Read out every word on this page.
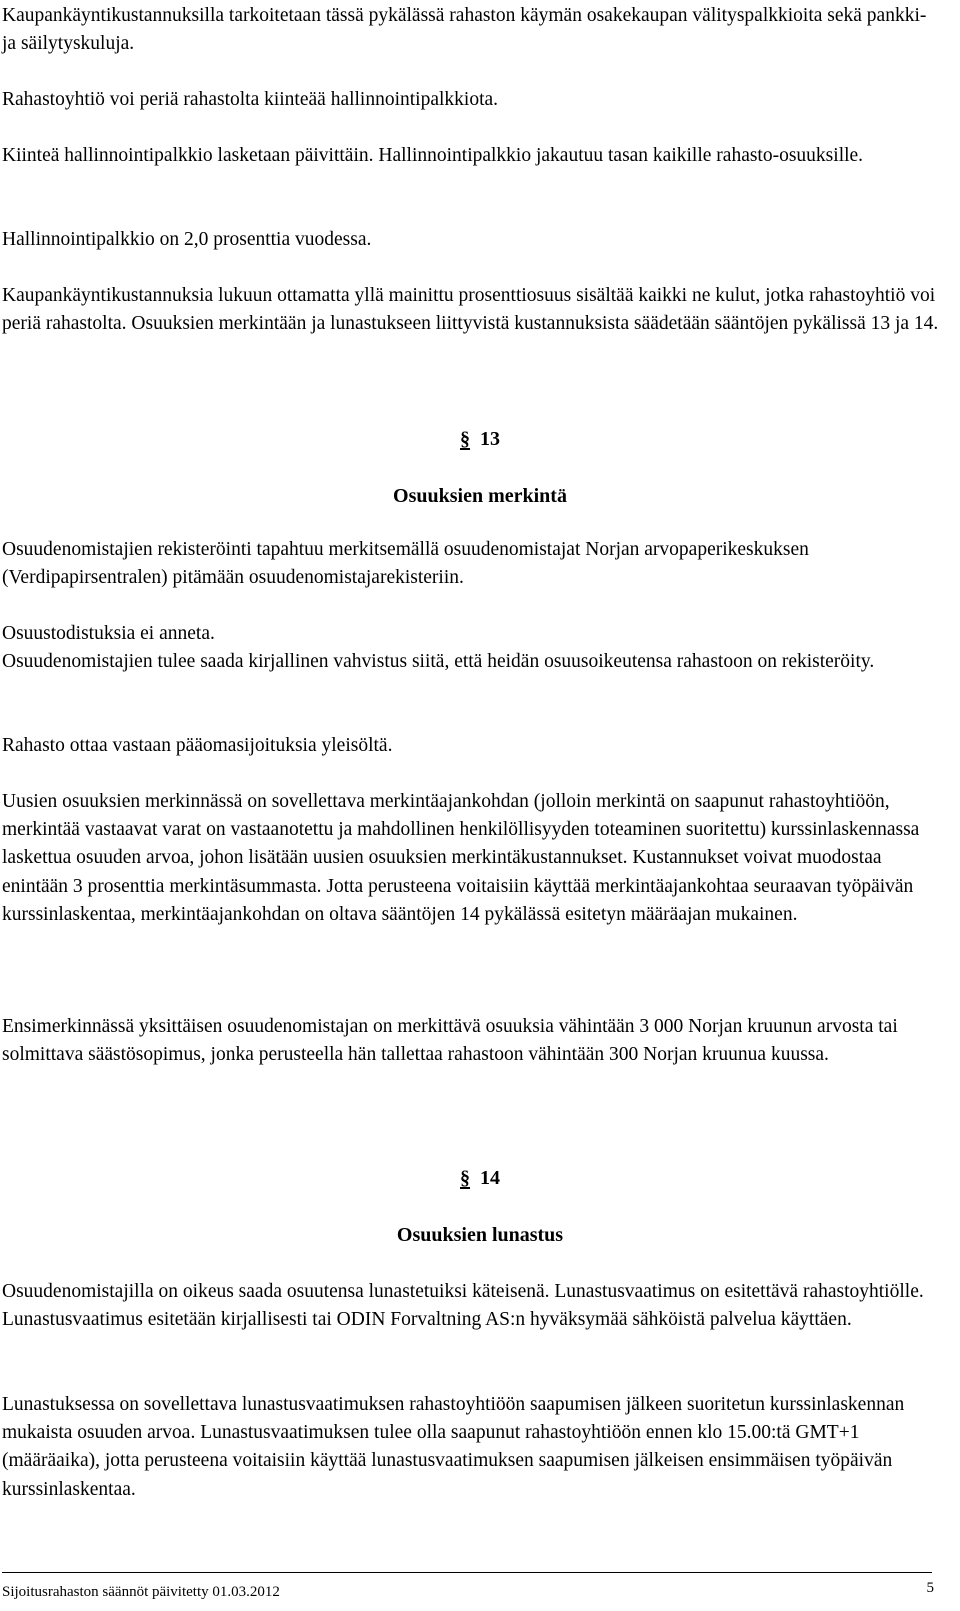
Kaupankäyntikustannuksilla tarkoitetaan tässä pykälässä rahaston käymän osakekaupan välityspalkkioita sekä pankki- ja säilytyskuluja.

Rahastoyhtiö voi periä rahastolta kiinteää hallinnointipalkkiota.

Kiinteä hallinnointipalkkio lasketaan päivittäin. Hallinnointipalkkio jakautuu tasan kaikille rahasto-osuuksille.

Hallinnointipalkkio on 2,0 prosenttia vuodessa.

Kaupankäyntikustannuksia lukuun ottamatta yllä mainittu prosenttiosuus sisältää kaikki ne kulut, jotka rahastoyhtiö voi periä rahastolta. Osuuksien merkintään ja lunastukseen liittyvistä kustannuksista säädetään sääntöjen pykälissä 13 ja 14.

§ 13
Osuuksien merkintä

Osuudenomistajien rekisteröinti tapahtuu merkitsemällä osuudenomistajat Norjan arvopaperikeskuksen (Verdipapirsentralen) pitämään osuudenomistajarekisteriin.

Osuustodistuksia ei anneta.

Osuudenomistajien tulee saada kirjallinen vahvistus siitä, että heidän osuusoikeutensa rahastoon on rekisteröity.

Rahasto ottaa vastaan pääomasijoituksia yleisöltä.

Uusien osuuksien merkinnässä on sovellettava merkintäajankohdan (jolloin merkintä on saapunut rahastoyhtiöön, merkintää vastaavat varat on vastaanotettu ja mahdollinen henkilöllisyyden toteaminen suoritettu) kurssinlaskennassa laskettua osuuden arvoa, johon lisätään uusien osuuksien merkintäkustannukset. Kustannukset voivat muodostaa enintään 3 prosenttia merkintäsummasta. Jotta perusteena voitaisiin käyttää merkintäajankohtaa seuraavan työpäivän kurssinlaskentaa, merkintäajankohdan on oltava sääntöjen 14 pykälässä esitetyn määräajan mukainen.

Ensimerkinnässä yksittäisen osuudenomistajan on merkittävä osuuksia vähintään 3 000 Norjan kruunun arvosta tai solmittava säästösopimus, jonka perusteella hän tallettaa rahastoon vähintään 300 Norjan kruunua kuussa.

§ 14
Osuuksien lunastus

Osuudenomistajilla on oikeus saada osuutensa lunastetuiksi käteisenä. Lunastusvaatimus on esitettävä rahastoyhtiölle. Lunastusvaatimus esitetään kirjallisesti tai ODIN Forvaltning AS:n hyväksymää sähköistä palvelua käyttäen.

Lunastuksessa on sovellettava lunastusvaatimuksen rahastoyhtiöön saapumisen jälkeen suoritetun kurssinlaskennan mukaista osuuden arvoa. Lunastusvaatimuksen tulee olla saapunut rahastoyhtiöön ennen klo 15.00:tä GMT+1 (määräaika), jotta perusteena voitaisiin käyttää lunastusvaatimuksen saapumisen jälkeisen ensimmäisen työpäivän kurssinlaskentaa.

Sijoitusrahaston säännöt päivitetty 01.03.2012	5
